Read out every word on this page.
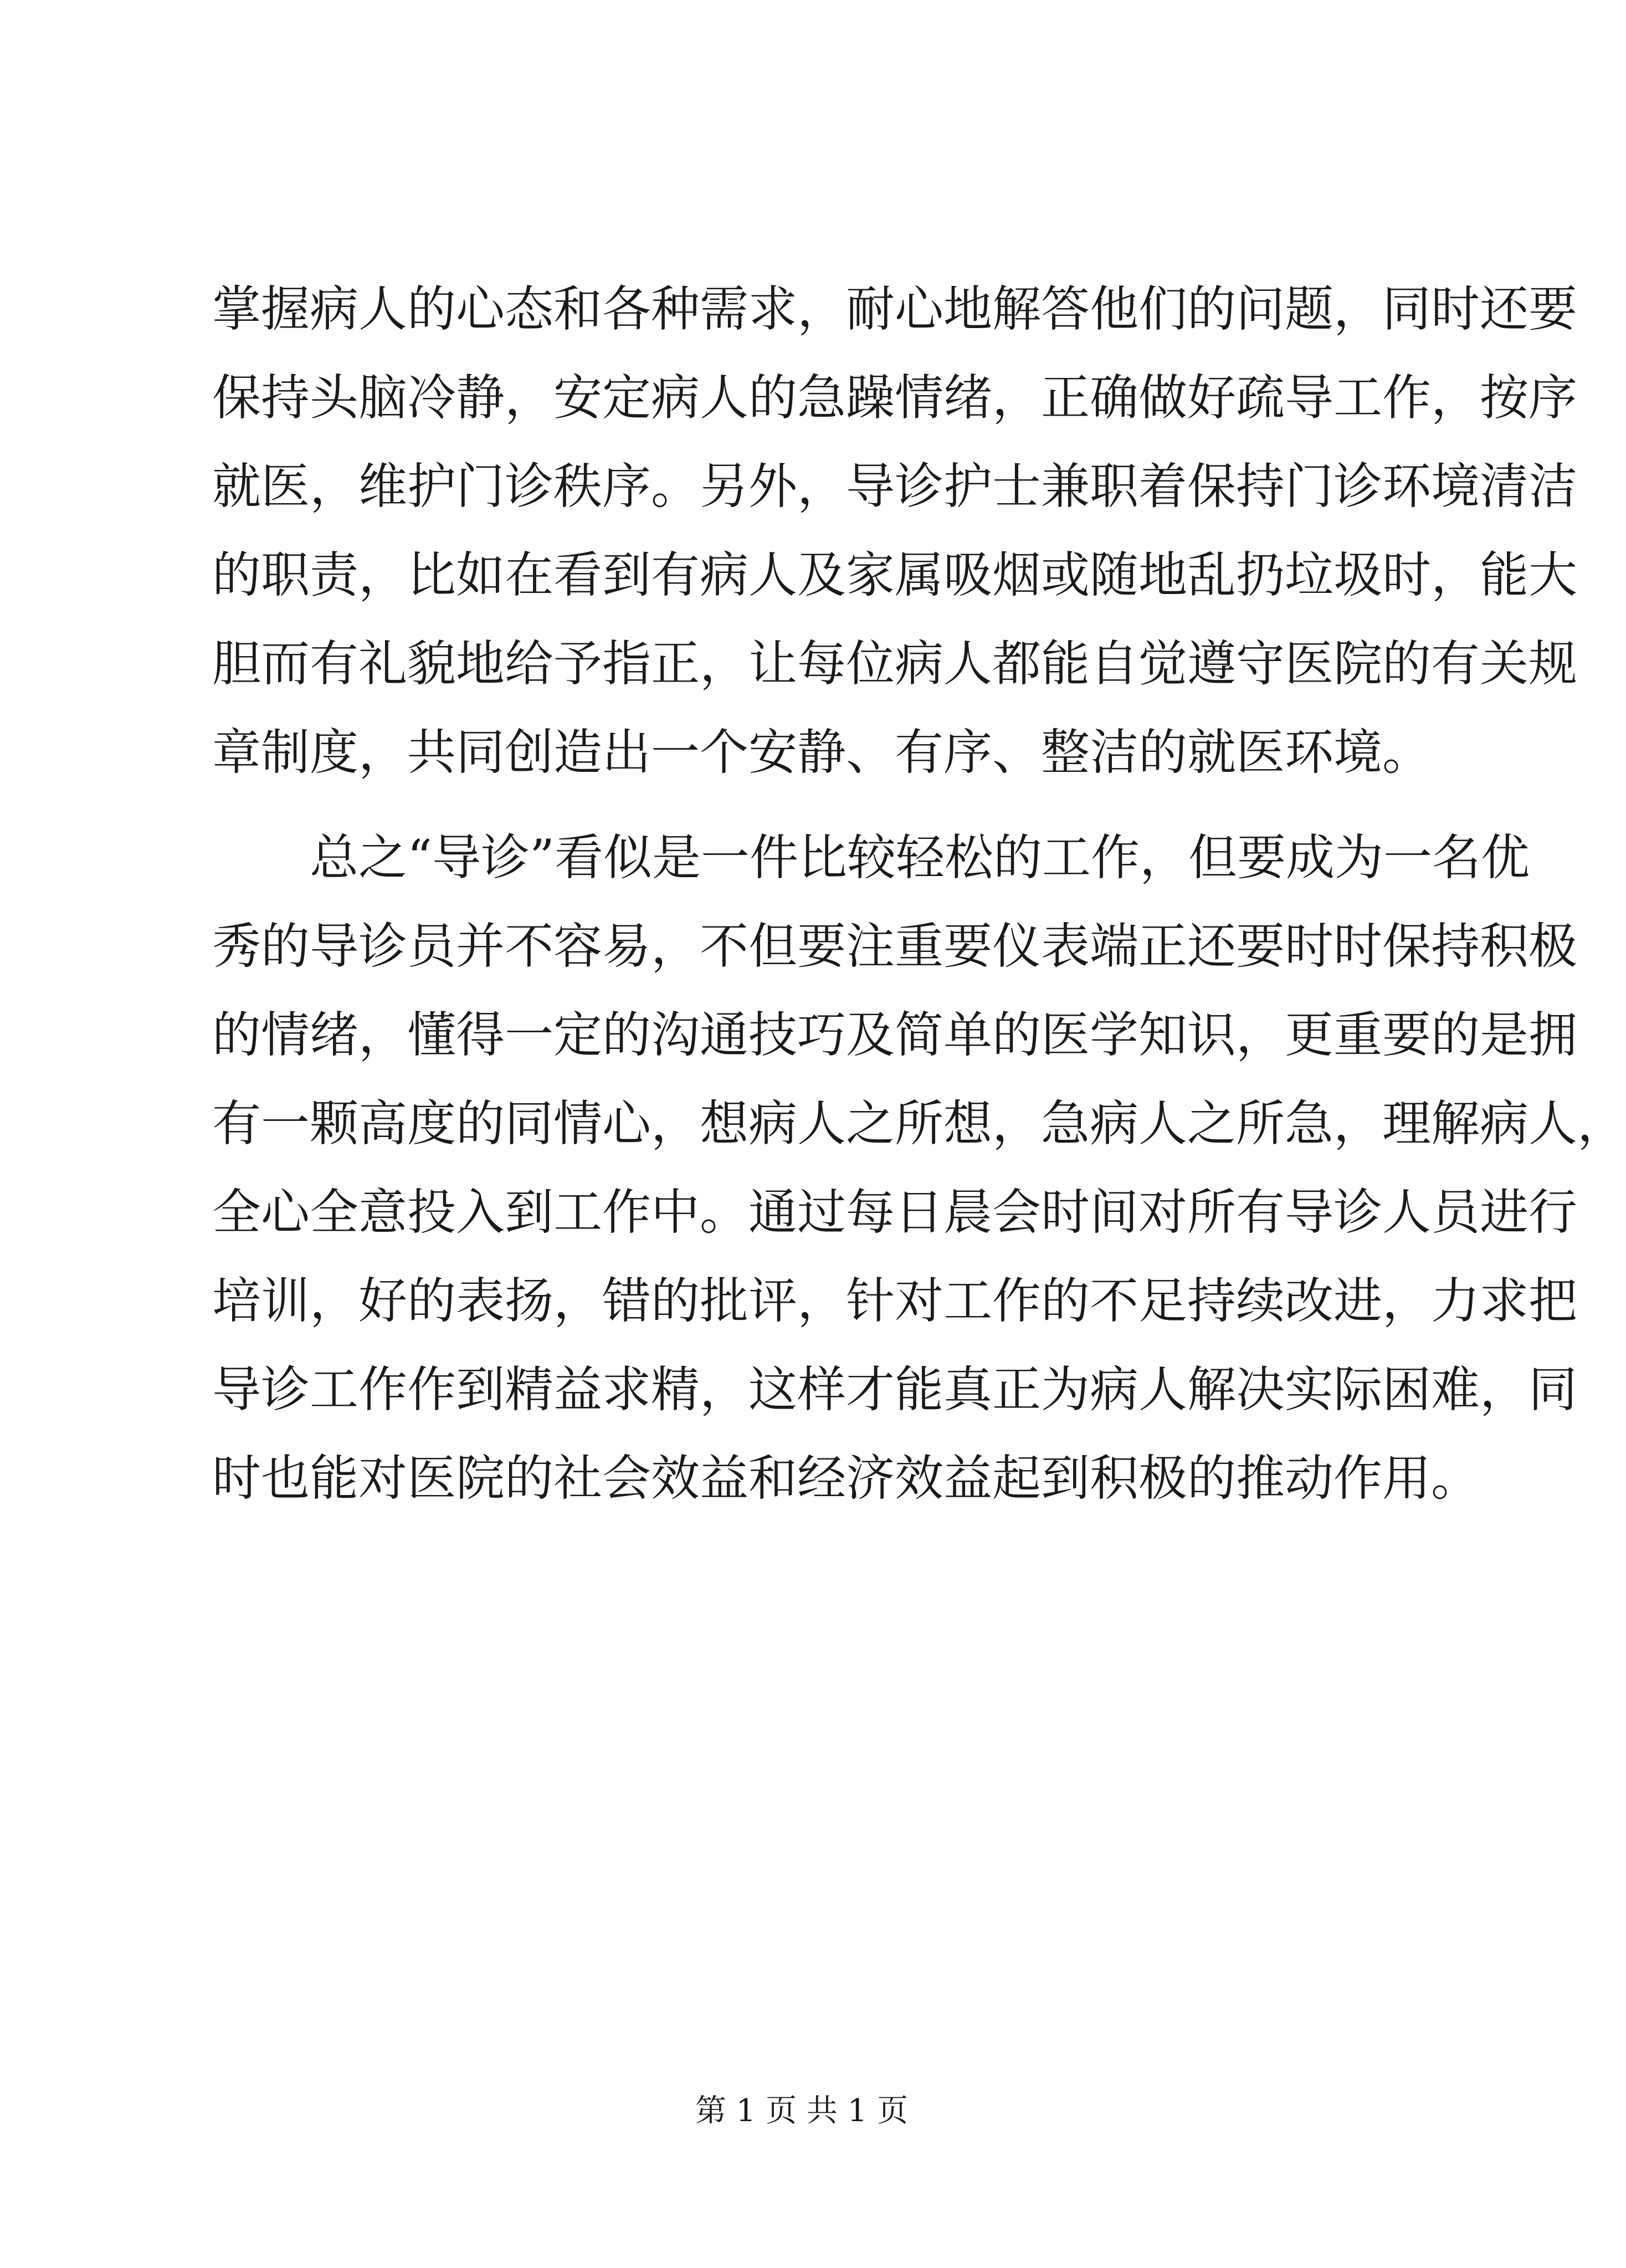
掌握病人的心态和各种需求，耐心地解答他们的问题，同时还要
保持头脑冷静，安定病人的急躁情绪，正确做好疏导工作，按序
就医，维护门诊秩序。另外，导诊护士兼职着保持门诊环境清洁
的职责，比如在看到有病人及家属吸烟或随地乱扔垃圾时，能大
胆而有礼貌地给予指正，让每位病人都能自觉遵守医院的有关规
章制度，共同创造出一个安静、有序、整洁的就医环境。
总之“导诊”看似是一件比较轻松的工作，但要成为一名优
秀的导诊员并不容易，不但要注重要仪表端正还要时时保持积极
的情绪，懂得一定的沟通技巧及简单的医学知识，更重要的是拥
有一颗高度的同情心，想病人之所想，急病人之所急，理解病人，
全心全意投入到工作中。通过每日晨会时间对所有导诊人员进行
培训，好的表扬，错的批评，针对工作的不足持续改进，力求把
导诊工作作到精益求精，这样才能真正为病人解决实际困难，同
时也能对医院的社会效益和经济效益起到积极的推动作用。
第 1 页 共 1 页
